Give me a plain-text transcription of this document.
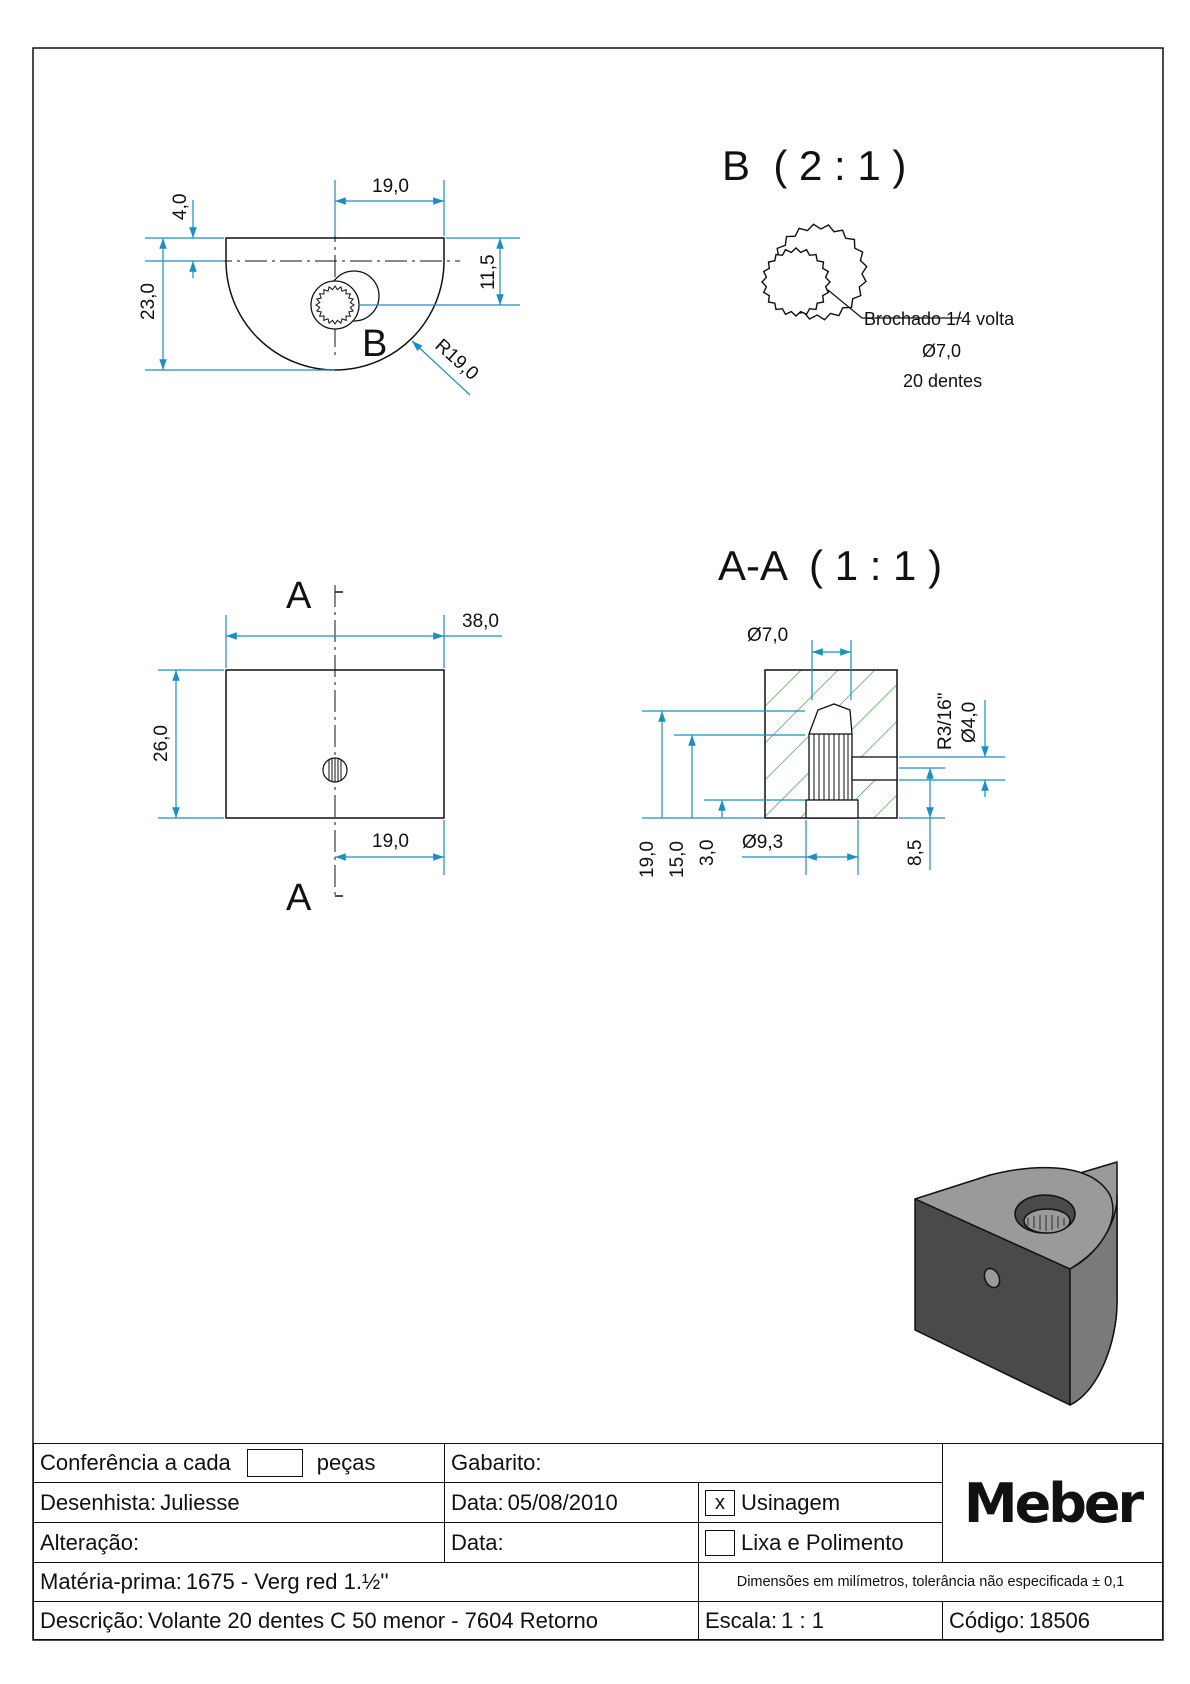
B
19,0
4,0
23,0
11,5
R19,0
B  ( 2 : 1 )
Brochado 1/4 volta
Ø7,0
20 dentes
A
A
38,0
26,0
19,0
A-A  ( 1 : 1 )
Ø7,0
Ø9,3
R3/16" Ø4,0
19,0 15,0 3,0	8,5
Conferência a cada	peças	Gabarito:
Meber
Desenhista: Juliesse	Data: 05/08/2010	x Usinagem
Alteração:	Data:	Lixa e Polimento
Matéria-prima: 1675 - Verg red 1.½''	Dimensões em milímetros, tolerância não especificada ± 0,1
Descrição: Volante 20 dentes C 50 menor - 7604 Retorno	Escala: 1 : 1	Código: 18506
